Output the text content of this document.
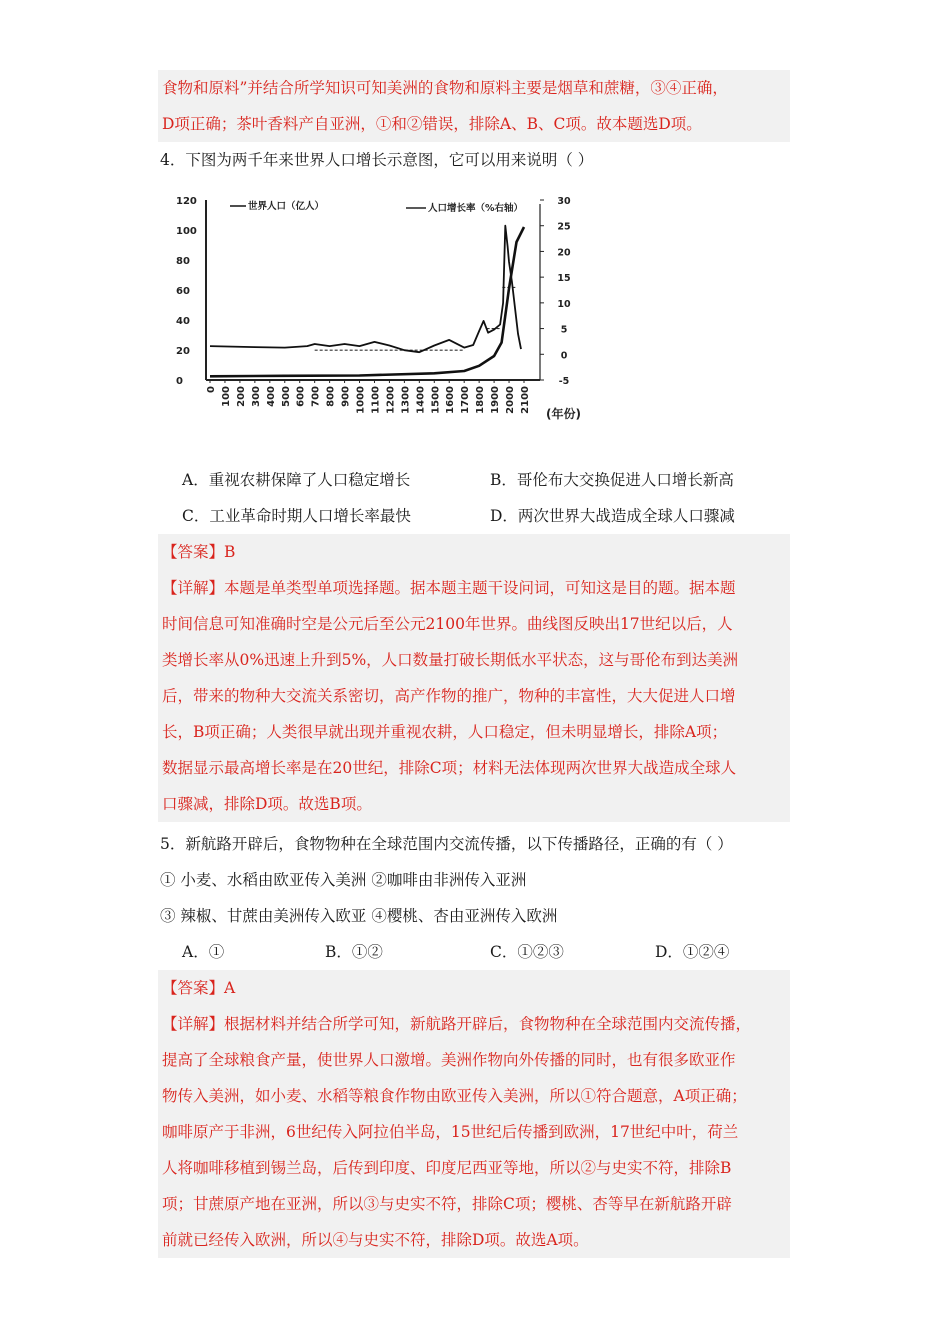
食物和原料”并结合所学知识可知美洲的食物和原料主要是烟草和蔗糖，③④正确，
D项正确；茶叶香料产自亚洲，①和②错误，排除A、B、C项。故本题选D项。
4．下图为两千年来世界人口增长示意图，它可以用来说明（ ）
0
20
40
60
80
100
120
-5
0
5
10
15
20
25
30
0 100 200 300 400 500 600 700 800 900 1000 1100 1200 1300 1400 1500 1600 1700 1800 1900 2000 2100
(年份)
世界人口（亿人）	人口增长率（%右轴）
A．重视农耕保障了人口稳定增长	B．哥伦布大交换促进人口增长新高
C．工业革命时期人口增长率最快	D．两次世界大战造成全球人口骤减
【答案】B
【详解】本题是单类型单项选择题。据本题主题干设问词，可知这是目的题。据本题
时间信息可知准确时空是公元后至公元2100年世界。曲线图反映出17世纪以后，人
类增长率从0%迅速上升到5%，人口数量打破长期低水平状态，这与哥伦布到达美洲
后，带来的物种大交流关系密切，高产作物的推广，物种的丰富性，大大促进人口增
长，B项正确；人类很早就出现并重视农耕，人口稳定，但未明显增长，排除A项；
数据显示最高增长率是在20世纪，排除C项；材料无法体现两次世界大战造成全球人
口骤减，排除D项。故选B项。
5．新航路开辟后，食物物种在全球范围内交流传播，以下传播路径，正确的有（ ）
① 小麦、水稻由欧亚传入美洲 ②咖啡由非洲传入亚洲
③ 辣椒、甘蔗由美洲传入欧亚 ④樱桃、杏由亚洲传入欧洲
A．①	B．①②	C．①②③	D．①②④
【答案】A
【详解】根据材料并结合所学可知，新航路开辟后，食物物种在全球范围内交流传播，
提高了全球粮食产量，使世界人口激增。美洲作物向外传播的同时，也有很多欧亚作
物传入美洲，如小麦、水稻等粮食作物由欧亚传入美洲，所以①符合题意，A项正确；
咖啡原产于非洲，6世纪传入阿拉伯半岛，15世纪后传播到欧洲，17世纪中叶，荷兰
人将咖啡移植到锡兰岛，后传到印度、印度尼西亚等地，所以②与史实不符，排除B
项；甘蔗原产地在亚洲，所以③与史实不符，排除C项；樱桃、杏等早在新航路开辟
前就已经传入欧洲，所以④与史实不符，排除D项。故选A项。
